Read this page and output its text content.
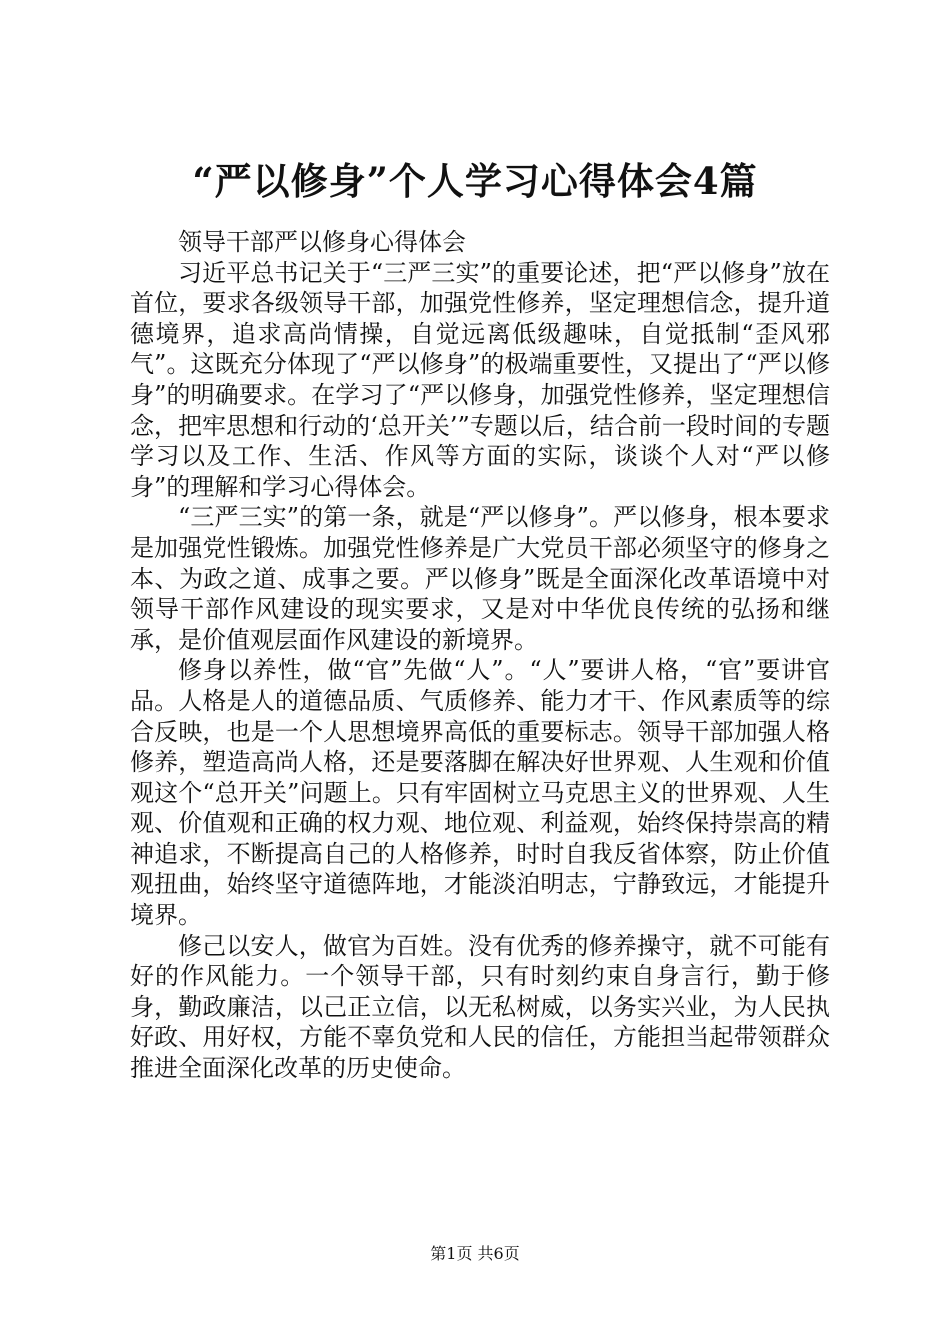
“严以修身”个人学习心得体会4篇

领导干部严以修身心得体会

习近平总书记关于“三严三实”的重要论述，把“严以修身”放在首位，要求各级领导干部，加强党性修养，坚定理想信念，提升道德境界，追求高尚情操，自觉远离低级趣味，自觉抵制“歪风邪气”。这既充分体现了“严以修身”的极端重要性，又提出了“严以修身”的明确要求。在学习了“严以修身，加强党性修养，坚定理想信念，把牢思想和行动的‘总开关’”专题以后，结合前一段时间的专题学习以及工作、生活、作风等方面的实际，谈谈个人对“严以修身”的理解和学习心得体会。

“三严三实”的第一条，就是“严以修身”。严以修身，根本要求是加强党性锻炼。加强党性修养是广大党员干部必须坚守的修身之本、为政之道、成事之要。严以修身”既是全面深化改革语境中对领导干部作风建设的现实要求，又是对中华优良传统的弘扬和继承，是价值观层面作风建设的新境界。

修身以养性，做“官”先做“人”。“人”要讲人格，“官”要讲官品。人格是人的道德品质、气质修养、能力才干、作风素质等的综合反映，也是一个人思想境界高低的重要标志。领导干部加强人格修养，塑造高尚人格，还是要落脚在解决好世界观、人生观和价值观这个“总开关”问题上。只有牢固树立马克思主义的世界观、人生观、价值观和正确的权力观、地位观、利益观，始终保持崇高的精神追求，不断提高自己的人格修养，时时自我反省体察，防止价值观扭曲，始终坚守道德阵地，才能淡泊明志，宁静致远，才能提升境界。

修己以安人，做官为百姓。没有优秀的修养操守，就不可能有好的作风能力。一个领导干部，只有时刻约束自身言行，勤于修身，勤政廉洁，以己正立信，以无私树威，以务实兴业，为人民执好政、用好权，方能不辜负党和人民的信任，方能担当起带领群众推进全面深化改革的历史使命。

第1页 共6页
